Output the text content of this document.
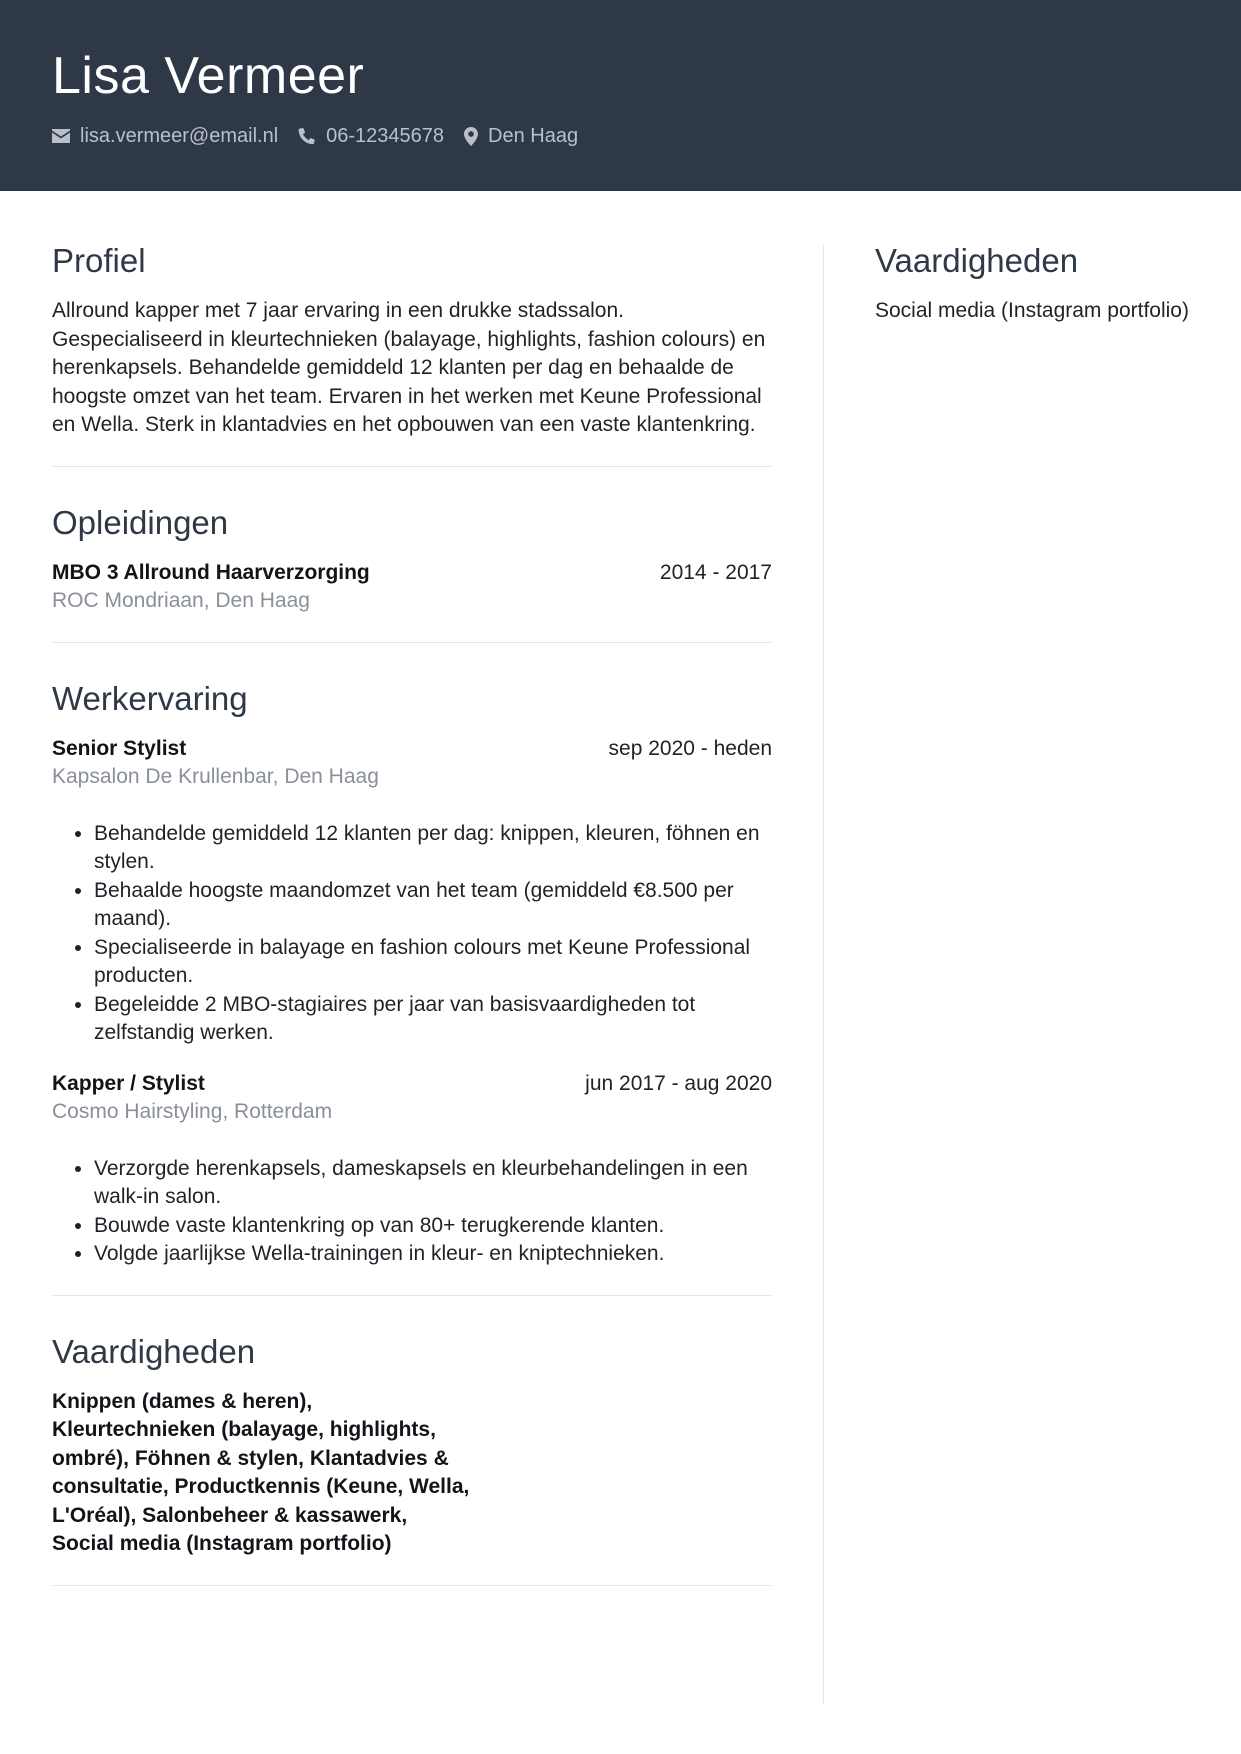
Lisa Vermeer
lisa.vermeer@email.nl 06-12345678 Den Haag
Profiel

Allround kapper met 7 jaar ervaring in een drukke stadssalon. Gespecialiseerd in kleurtechnieken (balayage, highlights, fashion colours) en herenkapsels. Behandelde gemiddeld 12 klanten per dag en behaalde de hoogste omzet van het team. Ervaren in het werken met Keune Professional en Wella. Sterk in klantadvies en het opbouwen van een vaste klantenkring.

Opleidingen
MBO 3 Allround Haarverzorging	2014 - 2017
ROC Mondriaan, Den Haag
Werkervaring
Senior Stylist	sep 2020 - heden
Kapsalon De Krullenbar, Den Haag
• Behandelde gemiddeld 12 klanten per dag: knippen, kleuren, föhnen en stylen.
• Behaalde hoogste maandomzet van het team (gemiddeld €8.500 per maand).
• Specialiseerde in balayage en fashion colours met Keune Professional producten.
• Begeleidde 2 MBO-stagiaires per jaar van basisvaardigheden tot zelfstandig werken.
Kapper / Stylist	jun 2017 - aug 2020
Cosmo Hairstyling, Rotterdam
• Verzorgde herenkapsels, dameskapsels en kleurbehandelingen in een walk-in salon.
• Bouwde vaste klantenkring op van 80+ terugkerende klanten.
• Volgde jaarlijkse Wella-trainingen in kleur- en kniptechnieken.
Vaardigheden

Knippen (dames & heren), Kleurtechnieken (balayage, highlights, ombré), Föhnen & stylen, Klantadvies & consultatie, Productkennis (Keune, Wella, L'Oréal), Salonbeheer & kassawerk, Social media (Instagram portfolio)

Vaardigheden

Social media (Instagram portfolio)
